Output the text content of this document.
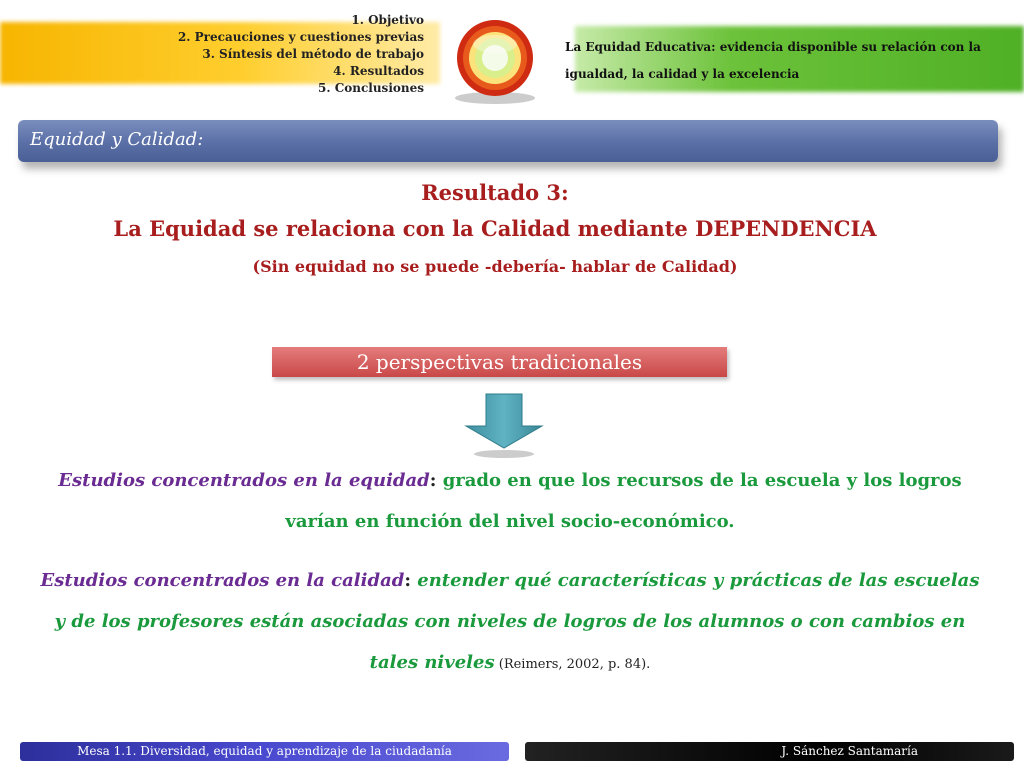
1. Objetivo
2. Precauciones y cuestiones previas
3. Síntesis del método de trabajo
4. Resultados
5. Conclusiones
La Equidad Educativa: evidencia disponible su relación con la
igualdad, la calidad y la excelencia
Equidad y Calidad:
Resultado 3:
La Equidad se relaciona con la Calidad mediante DEPENDENCIA
(Sin equidad no se puede -debería- hablar de Calidad)
2 perspectivas tradicionales

Estudios concentrados en la equidad: grado en que los recursos de la escuela y los logros varían en función del nivel socio-económico.

Estudios concentrados en la calidad: entender qué características y prácticas de las escuelas y de los profesores están asociadas con niveles de logros de los alumnos o con cambios en tales niveles (Reimers, 2002, p. 84).

Mesa 1.1. Diversidad, equidad y aprendizaje de la ciudadanía	J. Sánchez Santamaría
